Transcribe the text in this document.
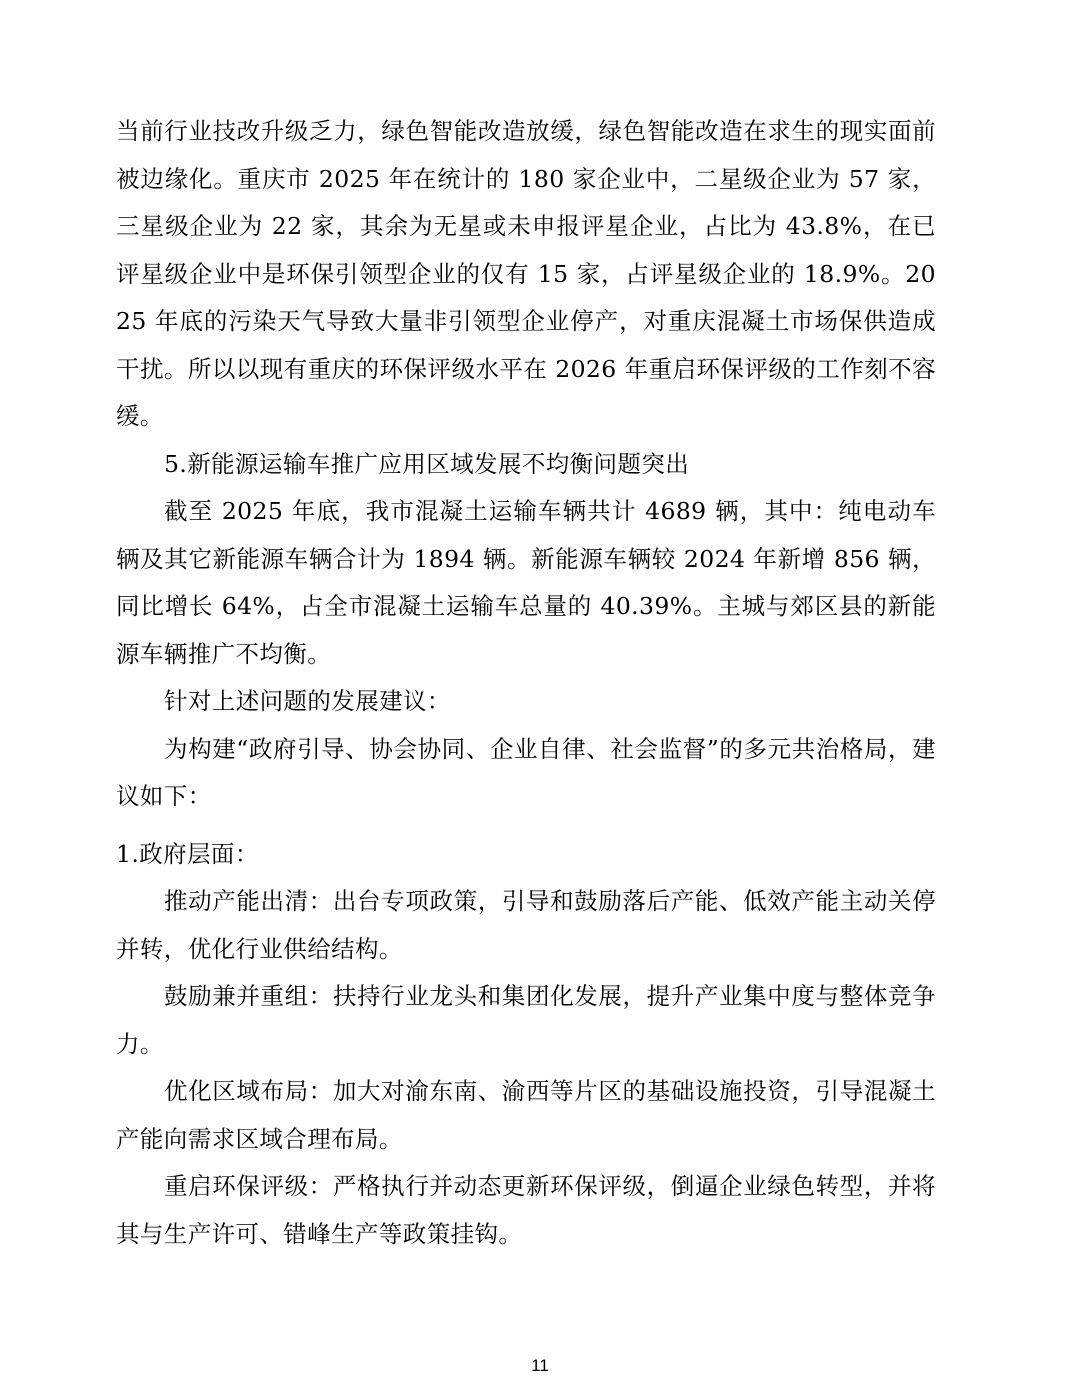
当前行业技改升级乏力，绿色智能改造放缓，绿色智能改造在求生的现实面前被边缘化。重庆市 2025 年在统计的 180 家企业中，二星级企业为 57 家，三星级企业为 22 家，其余为无星或未申报评星企业，占比为 43.8%，在已评星级企业中是环保引领型企业的仅有 15 家，占评星级企业的 18.9%。2025 年底的污染天气导致大量非引领型企业停产，对重庆混凝土市场保供造成干扰。所以以现有重庆的环保评级水平在 2026 年重启环保评级的工作刻不容缓。

5.新能源运输车推广应用区域发展不均衡问题突出

截至 2025 年底，我市混凝土运输车辆共计 4689 辆，其中：纯电动车辆及其它新能源车辆合计为 1894 辆。新能源车辆较 2024 年新增 856 辆，同比增长 64%，占全市混凝土运输车总量的 40.39%。主城与郊区县的新能源车辆推广不均衡。

针对上述问题的发展建议：

为构建“政府引导、协会协同、企业自律、社会监督”的多元共治格局，建议如下：

1.政府层面：

推动产能出清：出台专项政策，引导和鼓励落后产能、低效产能主动关停并转，优化行业供给结构。

鼓励兼并重组：扶持行业龙头和集团化发展，提升产业集中度与整体竞争力。

优化区域布局：加大对渝东南、渝西等片区的基础设施投资，引导混凝土产能向需求区域合理布局。

重启环保评级：严格执行并动态更新环保评级，倒逼企业绿色转型，并将其与生产许可、错峰生产等政策挂钩。

11
